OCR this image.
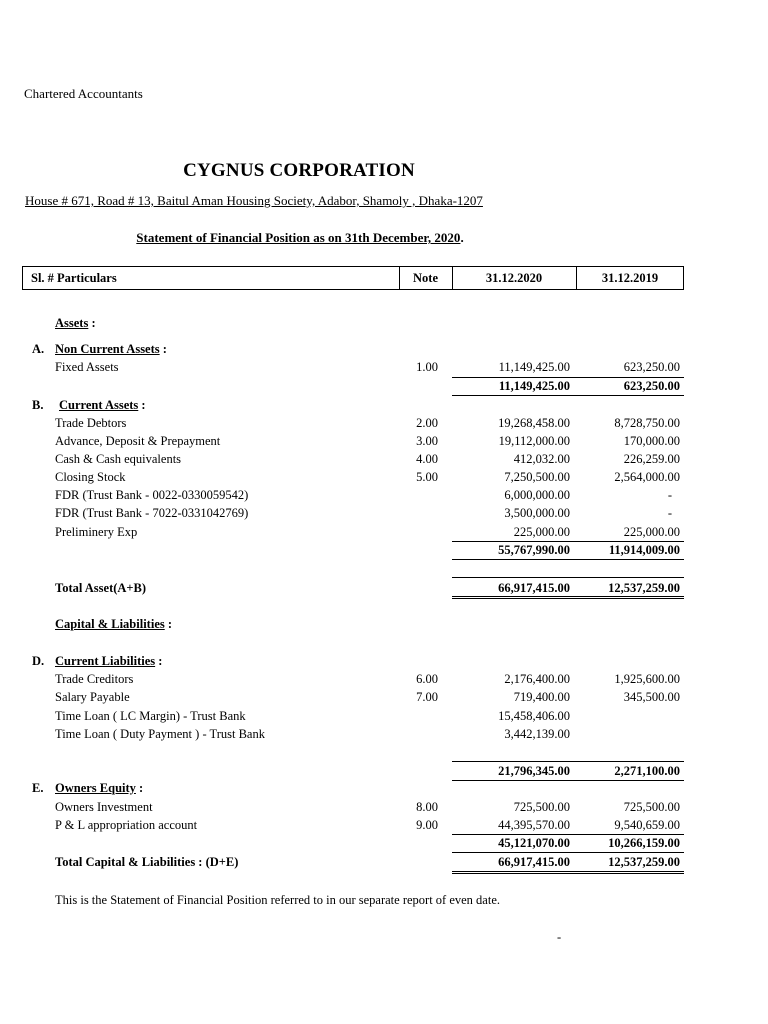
Chartered Accountants
CYGNUS CORPORATION
House # 671, Road # 13, Baitul Aman Housing Society, Adabor, Shamoly , Dhaka-1207
Statement of Financial Position as on 31th December, 2020.
Sl. # Particulars	Note	31.12.2020	31.12.2019
Assets :
A. Non Current Assets :
Fixed Assets	1.00	11,149,425.00	623,250.00
11,149,425.00	623,250.00
B. Current Assets :
Trade Debtors	2.00	19,268,458.00	8,728,750.00
Advance, Deposit & Prepayment	3.00	19,112,000.00	170,000.00
Cash & Cash equivalents	4.00	412,032.00	226,259.00
Closing Stock	5.00	7,250,500.00	2,564,000.00
FDR (Trust Bank - 0022-0330059542)	6,000,000.00	-
FDR (Trust Bank - 7022-0331042769)	3,500,000.00	-
Preliminery Exp	225,000.00	225,000.00
55,767,990.00	11,914,009.00
Total Asset(A+B)	66,917,415.00	12,537,259.00
Capital & Liabilities :
D. Current Liabilities :
Trade Creditors	6.00	2,176,400.00	1,925,600.00
Salary Payable	7.00	719,400.00	345,500.00
Time Loan ( LC Margin) - Trust Bank	15,458,406.00
Time Loan ( Duty Payment ) - Trust Bank	3,442,139.00
21,796,345.00	2,271,100.00
E. Owners Equity :
Owners Investment	8.00	725,500.00	725,500.00
P & L appropriation account	9.00	44,395,570.00	9,540,659.00
45,121,070.00	10,266,159.00
Total Capital & Liabilities : (D+E)	66,917,415.00	12,537,259.00
This is the Statement of Financial Position referred to in our separate report of even date.
-
